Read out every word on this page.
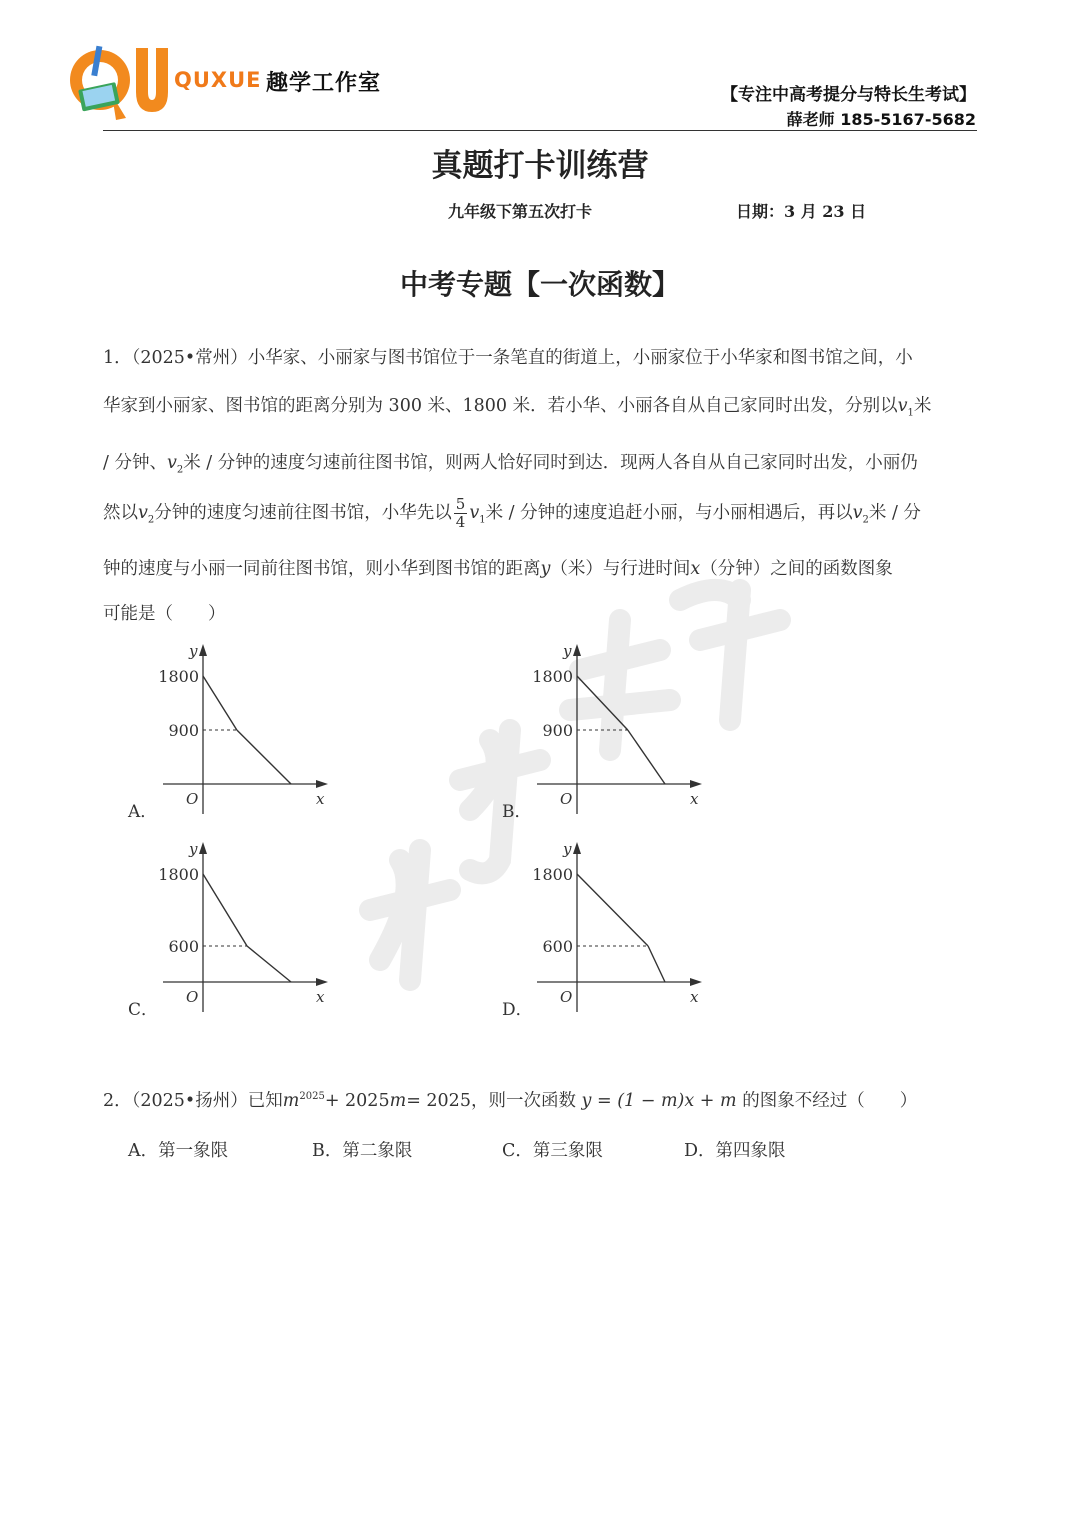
QUXUE 趣学工作室	【专注中高考提分与特长生考试】
薛老师 185-5167-5682
真题打卡训练营
九年级下第五次打卡	日期：3 月 23 日
中考专题【一次函数】
1．（2025•常州）小华家、小丽家与图书馆位于一条笔直的街道上，小丽家位于小华家和图书馆之间，小
华家到小丽家、图书馆的距离分别为 300 米、1800 米．若小华、小丽各自从自己家同时出发，分别以$v_1$米
/ 分钟、$v_2$米 / 分钟的速度匀速前往图书馆，则两人恰好同时到达．现两人各自从自己家同时出发，小丽仍
然以$v_2$分钟的速度匀速前往图书馆，小华先以 $\frac{5}{4} v_1$米 / 分钟的速度追赶小丽，与小丽相遇后，再以$v_2$米 / 分
钟的速度与小丽一同前往图书馆，则小华到图书馆的距离y（米）与行进时间x（分钟）之间的函数图象
可能是（　　）
A．	B．
C．	D．
y
x
O
1800
900
y
x
O
1800
900
y
x
O
1800
600
y
x
O
1800
600
2．（2025•扬州）已知$m^{2025}+ 2025m= 2025$，则一次函数 y = (1 − m)x + m 的图象不经过（　　）
A．第一象限	B．第二象限	C．第三象限	D．第四象限
